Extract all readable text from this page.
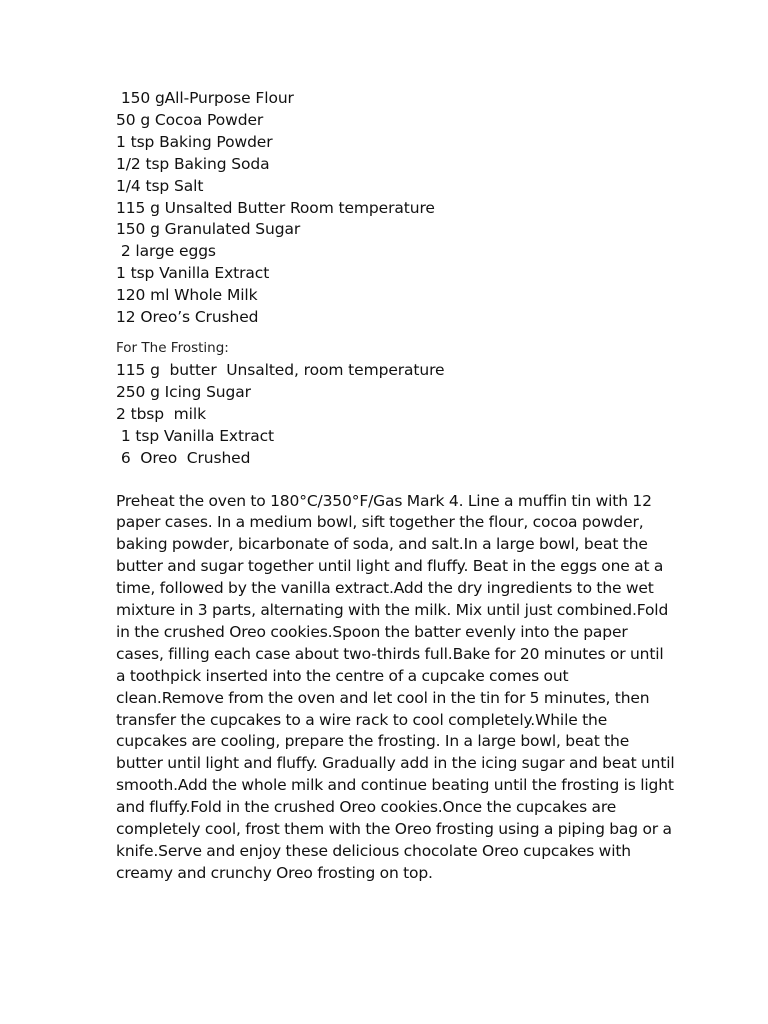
150 gAll-Purpose Flour
50 g Cocoa Powder
1 tsp Baking Powder
1/2 tsp Baking Soda
1/4 tsp Salt
115 g Unsalted Butter Room temperature
150 g Granulated Sugar
2 large eggs
1 tsp Vanilla Extract
120 ml Whole Milk
12 Oreo’s Crushed
For The Frosting:
115 g  butter  Unsalted, room temperature
250 g Icing Sugar
2 tbsp  milk
1 tsp Vanilla Extract
6  Oreo  Crushed

Preheat the oven to 180°C/350°F/Gas Mark 4. Line a muffin tin with 12 paper cases. In a medium bowl, sift together the flour, cocoa powder, baking powder, bicarbonate of soda, and salt.In a large bowl, beat the butter and sugar together until light and fluffy. Beat in the eggs one at a time, followed by the vanilla extract.Add the dry ingredients to the wet mixture in 3 parts, alternating with the milk. Mix until just combined.Fold in the crushed Oreo cookies.Spoon the batter evenly into the paper cases, filling each case about two-thirds full.Bake for 20 minutes or until a toothpick inserted into the centre of a cupcake comes out clean.Remove from the oven and let cool in the tin for 5 minutes, then transfer the cupcakes to a wire rack to cool completely.While the cupcakes are cooling, prepare the frosting. In a large bowl, beat the butter until light and fluffy. Gradually add in the icing sugar and beat until smooth.Add the whole milk and continue beating until the frosting is light and fluffy.Fold in the crushed Oreo cookies.Once the cupcakes are completely cool, frost them with the Oreo frosting using a piping bag or a knife.Serve and enjoy these delicious chocolate Oreo cupcakes with creamy and crunchy Oreo frosting on top.
